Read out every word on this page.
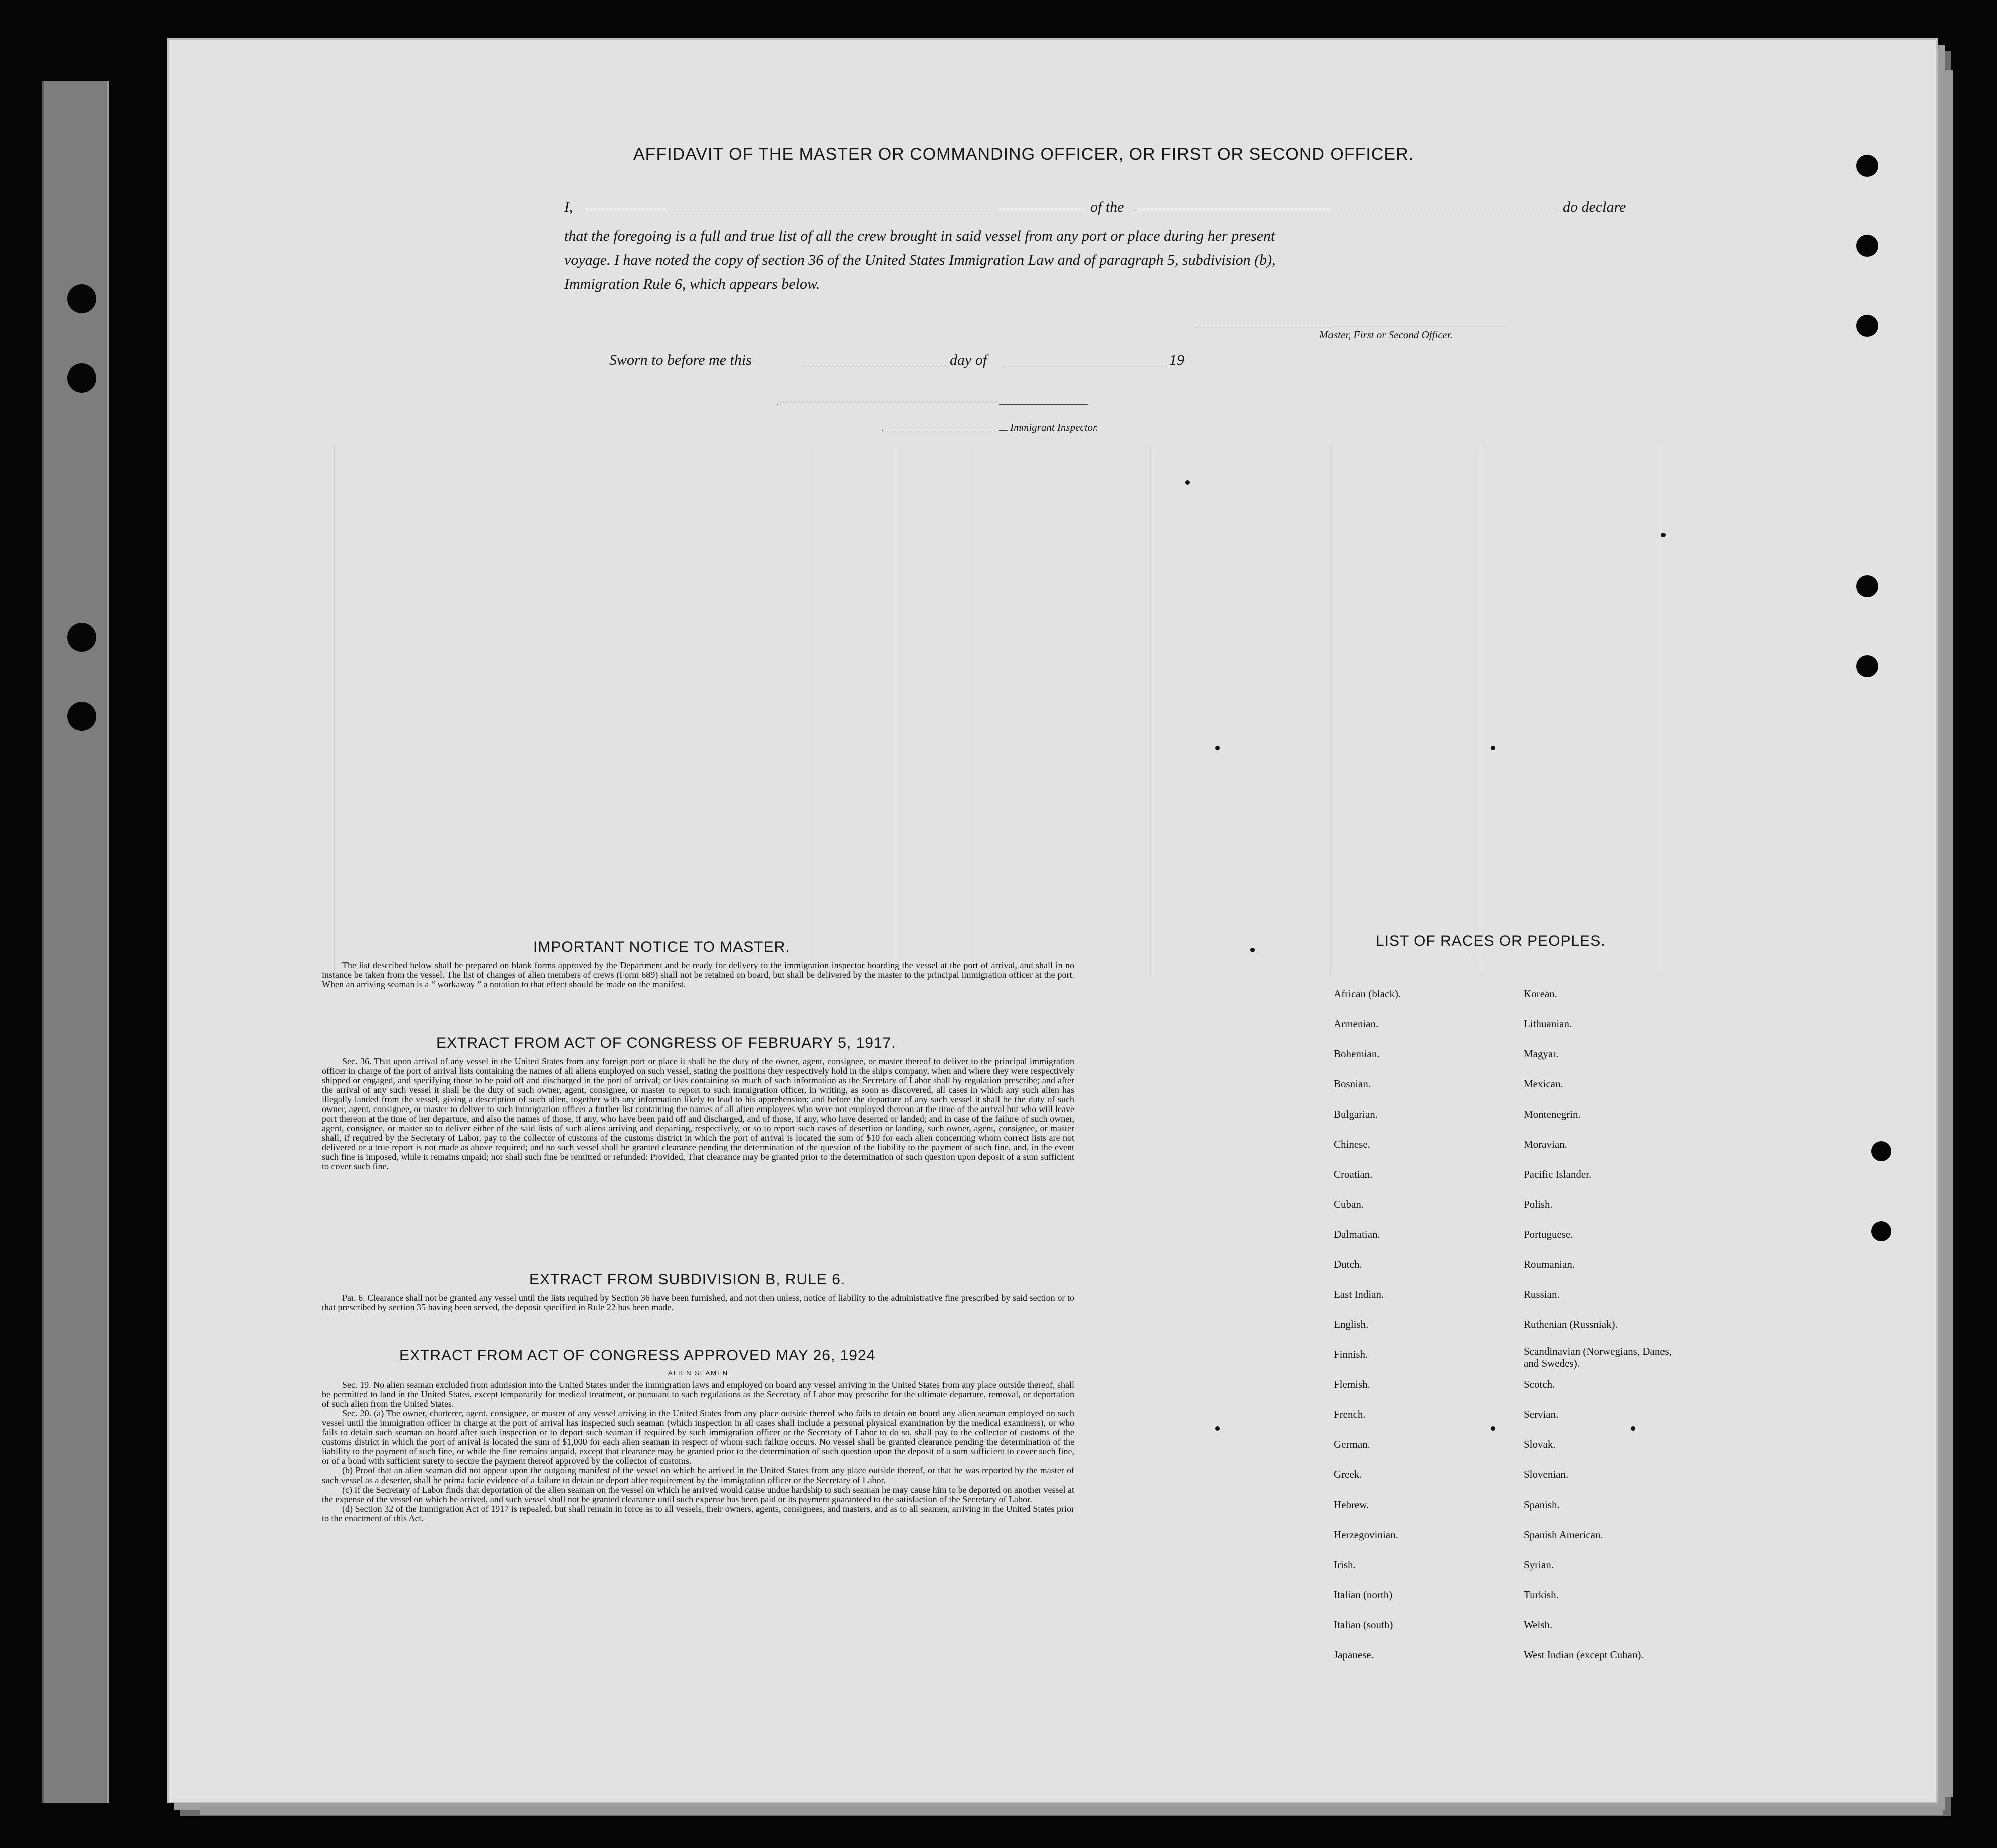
AFFIDAVIT OF THE MASTER OR COMMANDING OFFICER, OR FIRST OR SECOND OFFICER.
I,	of the	do declare
that the foregoing is a full and true list of all the crew brought in said vessel from any port or place during her present
voyage. I have noted the copy of section 36 of the United States Immigration Law and of paragraph 5, subdivision (b),
Immigration Rule 6, which appears below.
Master, First or Second Officer.
Sworn to before me this	day of	19
Immigrant Inspector.
IMPORTANT NOTICE TO MASTER.

The list described below shall be prepared on blank forms approved by the Department and be ready for delivery to the immigration inspector boarding the vessel at the port of arrival, and shall in no instance be taken from the vessel. The list of changes of alien members of crews (Form 689) shall not be retained on board, but shall be delivered by the master to the principal immigration officer at the port. When an arriving seaman is a “ workaway ” a notation to that effect should be made on the manifest.

EXTRACT FROM ACT OF CONGRESS OF FEBRUARY 5, 1917.

Sec. 36. That upon arrival of any vessel in the United States from any foreign port or place it shall be the duty of the owner, agent, consignee, or master thereof to deliver to the principal immigration officer in charge of the port of arrival lists containing the names of all aliens employed on such vessel, stating the positions they respectively hold in the ship's company, when and where they were respectively shipped or engaged, and specifying those to be paid off and discharged in the port of arrival; or lists containing so much of such information as the Secretary of Labor shall by regulation prescribe; and after the arrival of any such vessel it shall be the duty of such owner, agent, consignee, or master to report to such immigration officer, in writing, as soon as discovered, all cases in which any such alien has illegally landed from the vessel, giving a description of such alien, together with any information likely to lead to his apprehension; and before the departure of any such vessel it shall be the duty of such owner, agent, consignee, or master to deliver to such immigration officer a further list containing the names of all alien employees who were not employed thereon at the time of the arrival but who will leave port thereon at the time of her departure, and also the names of those, if any, who have been paid off and discharged, and of those, if any, who have deserted or landed; and in case of the failure of such owner, agent, consignee, or master so to deliver either of the said lists of such aliens arriving and departing, respectively, or so to report such cases of desertion or landing, such owner, agent, consignee, or master shall, if required by the Secretary of Labor, pay to the collector of customs of the customs district in which the port of arrival is located the sum of $10 for each alien concerning whom correct lists are not delivered or a true report is not made as above required; and no such vessel shall be granted clearance pending the determination of the question of the liability to the payment of such fine, and, in the event such fine is imposed, while it remains unpaid; nor shall such fine be remitted or refunded: Provided, That clearance may be granted prior to the determination of such question upon deposit of a sum sufficient to cover such fine.

EXTRACT FROM SUBDIVISION B, RULE 6.

Par. 6. Clearance shall not be granted any vessel until the lists required by Section 36 have been furnished, and not then unless, notice of liability to the administrative fine prescribed by said section or to that prescribed by section 35 having been served, the deposit specified in Rule 22 has been made.

EXTRACT FROM ACT OF CONGRESS APPROVED MAY 26, 1924
ALIEN SEAMEN

Sec. 19. No alien seaman excluded from admission into the United States under the immigration laws and employed on board any vessel arriving in the United States from any place outside thereof, shall be permitted to land in the United States, except temporarily for medical treatment, or pursuant to such regulations as the Secretary of Labor may prescribe for the ultimate departure, removal, or deportation of such alien from the United States.

Sec. 20. (a) The owner, charterer, agent, consignee, or master of any vessel arriving in the United States from any place outside thereof who fails to detain on board any alien seaman employed on such vessel until the immigration officer in charge at the port of arrival has inspected such seaman (which inspection in all cases shall include a personal physical examination by the medical examiners), or who fails to detain such seaman on board after such inspection or to deport such seaman if required by such immigration officer or the Secretary of Labor to do so, shall pay to the collector of customs of the customs district in which the port of arrival is located the sum of $1,000 for each alien seaman in respect of whom such failure occurs. No vessel shall be granted clearance pending the determination of the liability to the payment of such fine, or while the fine remains unpaid, except that clearance may be granted prior to the determination of such question upon the deposit of a sum sufficient to cover such fine, or of a bond with sufficient surety to secure the payment thereof approved by the collector of customs.

(b) Proof that an alien seaman did not appear upon the outgoing manifest of the vessel on which he arrived in the United States from any place outside thereof, or that he was reported by the master of such vessel as a deserter, shall be prima facie evidence of a failure to detain or deport after requirement by the immigration officer or the Secretary of Labor.

(c) If the Secretary of Labor finds that deportation of the alien seaman on the vessel on which he arrived would cause undue hardship to such seaman he may cause him to be deported on another vessel at the expense of the vessel on which he arrived, and such vessel shall not be granted clearance until such expense has been paid or its payment guaranteed to the satisfaction of the Secretary of Labor.

(d) Section 32 of the Immigration Act of 1917 is repealed, but shall remain in force as to all vessels, their owners, agents, consignees, and masters, and as to all seamen, arriving in the United States prior to the enactment of this Act.

LIST OF RACES OR PEOPLES.
African (black).
Armenian.
Bohemian.
Bosnian.
Bulgarian.
Chinese.
Croatian.
Cuban.
Dalmatian.
Dutch.
East Indian.
English.
Finnish.
Flemish.
French.
German.
Greek.
Hebrew.
Herzegovinian.
Irish.
Italian (north)
Italian (south)
Japanese.
Korean.
Lithuanian.
Magyar.
Mexican.
Montenegrin.
Moravian.
Pacific Islander.
Polish.
Portuguese.
Roumanian.
Russian.
Ruthenian (Russniak).
Scandinavian (Norwegians, Danes, and Swedes).
Scotch.
Servian.
Slovak.
Slovenian.
Spanish.
Spanish American.
Syrian.
Turkish.
Welsh.
West Indian (except Cuban).
